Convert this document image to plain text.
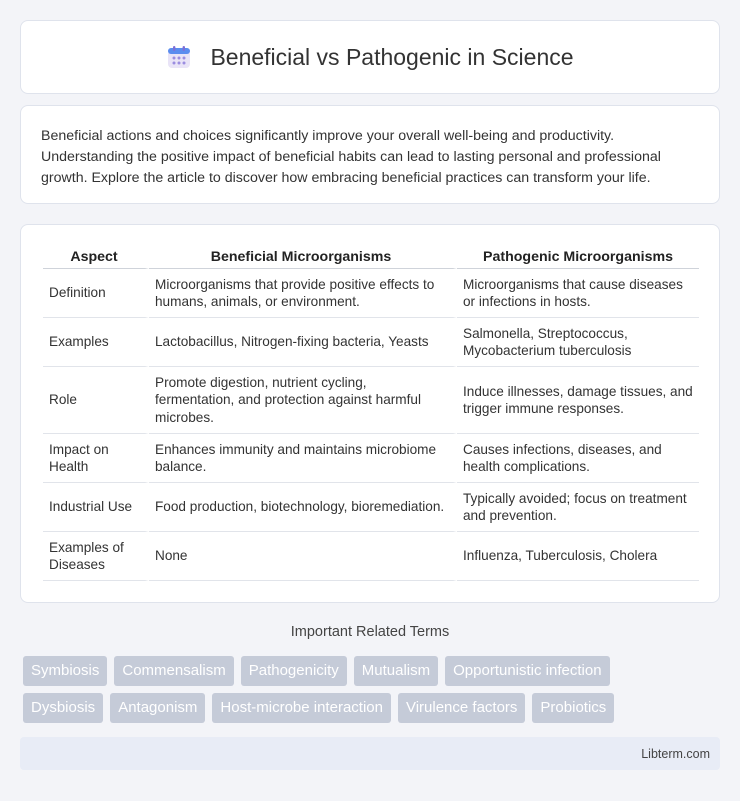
Beneficial vs Pathogenic in Science

Beneficial actions and choices significantly improve your overall well-being and productivity. Understanding the positive impact of beneficial habits can lead to lasting personal and professional growth. Explore the article to discover how embracing beneficial practices can transform your life.

Aspect	Beneficial Microorganisms	Pathogenic Microorganisms
Definition	Microorganisms that provide positive effects to humans, animals, or environment.	Microorganisms that cause diseases or infections in hosts.
Examples	Lactobacillus, Nitrogen-fixing bacteria, Yeasts	Salmonella, Streptococcus, Mycobacterium tuberculosis
Role	Promote digestion, nutrient cycling, fermentation, and protection against harmful microbes.	Induce illnesses, damage tissues, and trigger immune responses.
Impact on Health	Enhances immunity and maintains microbiome balance.	Causes infections, diseases, and health complications.
Industrial Use	Food production, biotechnology, bioremediation.	Typically avoided; focus on treatment and prevention.
Examples of Diseases	None	Influenza, Tuberculosis, Cholera
Important Related Terms
Symbiosis	Commensalism	Pathogenicity	Mutualism	Opportunistic infection
Dysbiosis	Antagonism	Host-microbe interaction	Virulence factors	Probiotics
Libterm.com
